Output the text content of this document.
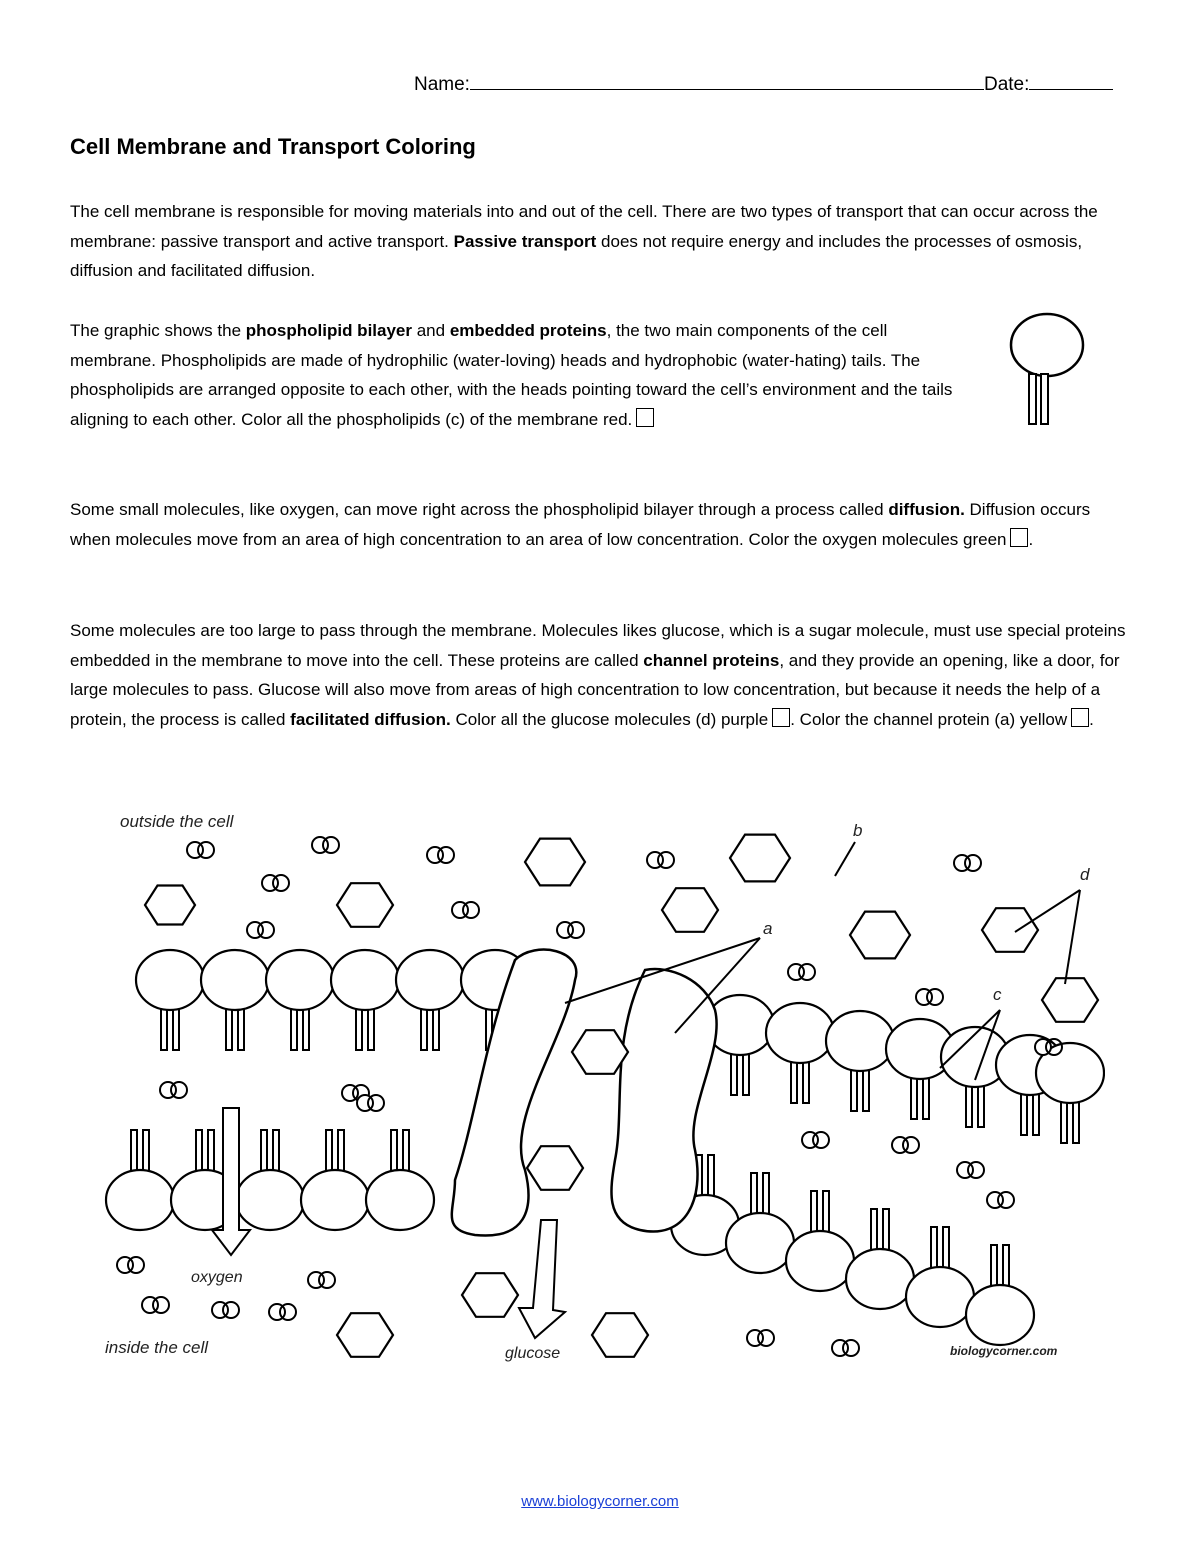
Name:	Date:
Cell Membrane and Transport Coloring
The cell membrane is responsible for moving materials into and out of the cell. There are two types of transport that can occur across the membrane: passive transport and active transport. Passive transport does not require energy and includes the processes of osmosis, diffusion and facilitated diffusion.
The graphic shows the phospholipid bilayer and embedded proteins, the two main components of the cell membrane. Phospholipids are made of hydrophilic (water-loving) heads and hydrophobic (water-hating) tails. The phospholipids are arranged opposite to each other, with the heads pointing toward the cell’s environment and the tails aligning to each other. Color all the phospholipids (c) of the membrane red.
Some small molecules, like oxygen, can move right across the phospholipid bilayer through a process called diffusion. Diffusion occurs when molecules move from an area of high concentration to an area of low concentration. Color the oxygen molecules green .
Some molecules are too large to pass through the membrane. Molecules likes glucose, which is a sugar molecule, must use special proteins embedded in the membrane to move into the cell. These proteins are called channel proteins, and they provide an opening, like a door, for large molecules to pass. Glucose will also move from areas of high concentration to low concentration, but because it needs the help of a protein, the process is called facilitated diffusion. Color all the glucose molecules (d) purple . Color the channel protein (a) yellow .
outside the cell
inside the cell
oxygen
glucose
a
b
c
d
biologycorner.com
www.biologycorner.com
